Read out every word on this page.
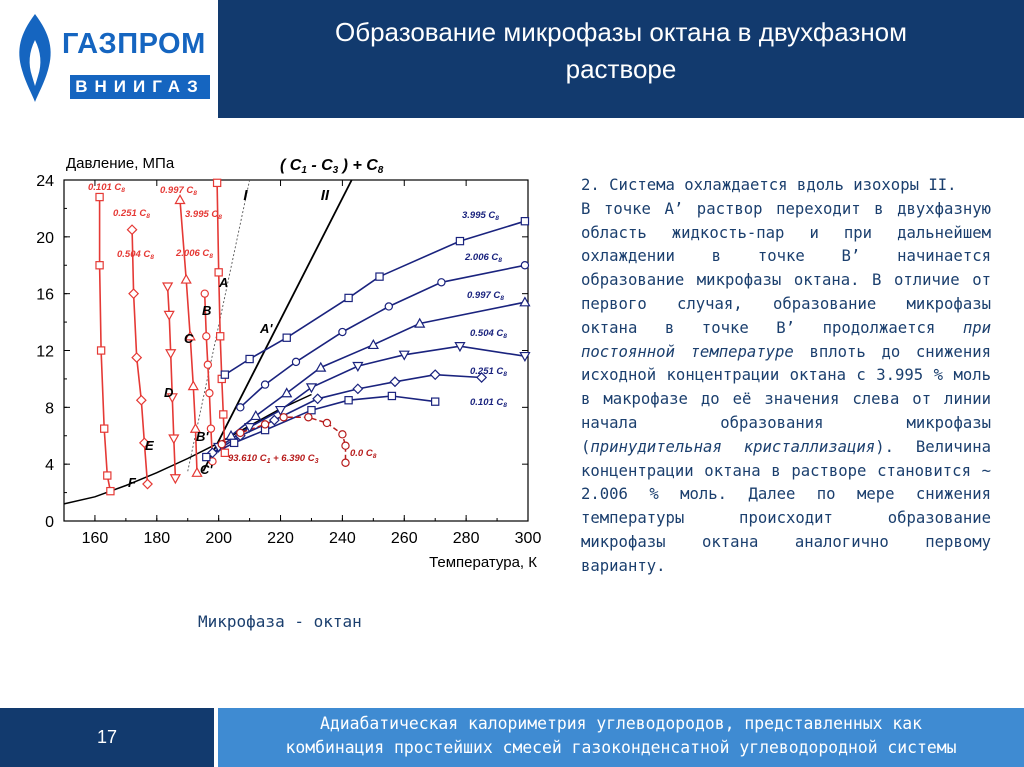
ГАЗПРОМ
ВНИИГАЗ
Образование микрофазы октана в двухфазном
растворе
160 180 200 220 240 260 280 300
0
4
8
12
16
20
24
Давление, МПа
Температура, К
( C1 - C3 ) + C8
I	II
0.101 $C_8$
0.251 $C_8$
0.504 $C_8$
0.997 $C_8$
2.006 $C_8$
3.995 $C_8$	3.995 $C_8$
2.006 $C_8$
0.997 $C_8$
0.504 $C_8$
0.251 $C_8$
0.101 $C_8$
0.0 $C_8$
93.610 $C_1 + 6.390$ $C_3$
A
A'
B
B'
C
C'
D
E
F
Микрофаза - октан

2. Система охлаждается вдоль изохоры II.

В точке А’ раствор переходит в двухфазную область жидкость-пар и при дальнейшем охлаждении в точке В’ начинается образование микрофазы октана. В отличие от первого случая, образование микрофазы октана в точке В’ продолжается при постоянной температуре вплоть до снижения исходной концентрации октана с 3.995 % моль в макрофазе до её значения слева от линии начала образования микрофазы (принудительная кристаллизация). Величина концентрации октана в растворе становится ~ 2.006 % моль. Далее по мере снижения температуры происходит образование микрофазы октана аналогично первому варианту.

17
Адиабатическая калориметрия углеводородов, представленных как
комбинация простейших смесей газоконденсатной углеводородной системы
